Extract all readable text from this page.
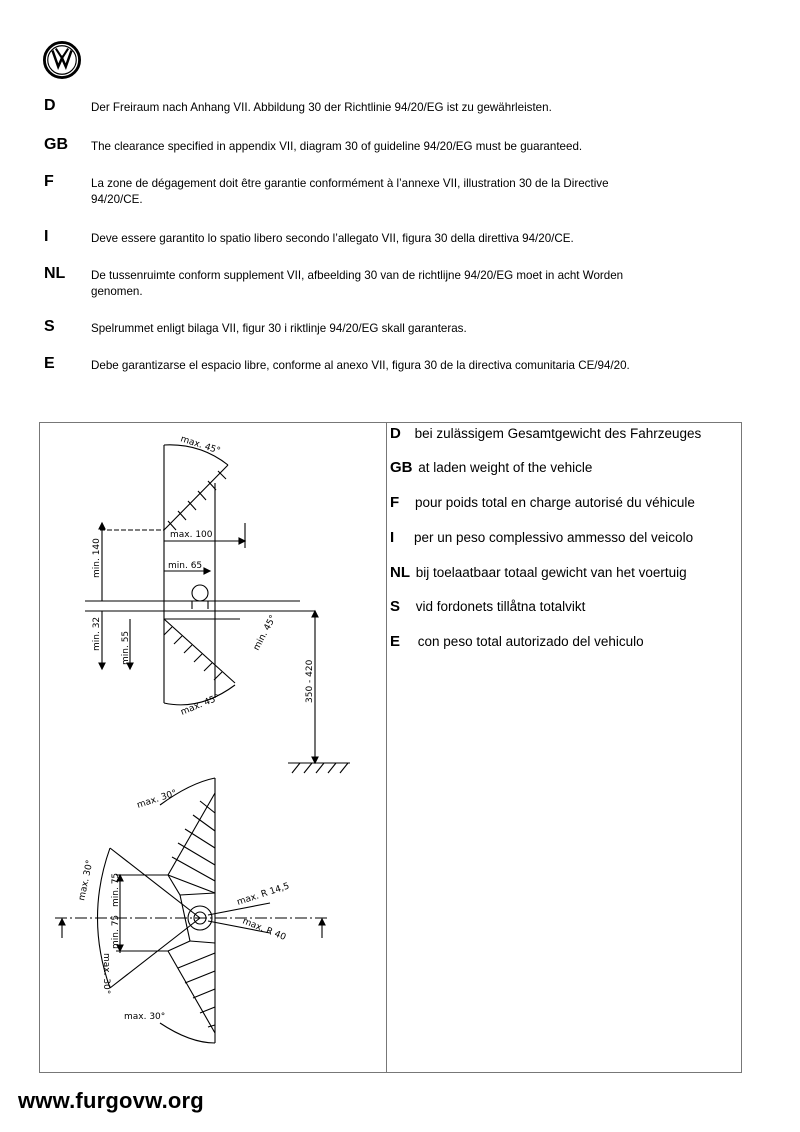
D	Der Freiraum nach Anhang VII. Abbildung 30 der Richtlinie 94/20/EG ist zu gewährleisten.
GB The clearance specified in appendix VII, diagram 30 of guideline 94/20/EG must be guaranteed.
F	La zone de dégagement doit être garantie conformément à l’annexe VII, illustration 30 de la Directive 94/20/CE.
I	Deve essere garantito lo spatio libero secondo l’allegato VII, figura 30 della direttiva 94/20/CE.
NL De tussenruimte conform supplement VII, afbeelding 30 van de richtlijne 94/20/EG moet in acht Worden genomen.
S	Spelrummet enligt bilaga VII, figur 30 i riktlinje 94/20/EG skall garanteras.
E	Debe garantizarse el espacio libre, conforme al anexo VII, figura 30 de la directiva comunitaria CE/94/20.
D bei zulässigem Gesamtgewicht des Fahrzeuges
GB at laden weight of the vehicle
F pour poids total en charge autorisé du véhicule
I per un peso complessivo ammesso del veicolo
NL bij toelaatbaar totaal gewicht van het voertuig
S vid fordonets tillåtna totalvikt
E con peso total autorizado del vehiculo
max. 45°
max. 100
min. 140	min. 65
min. 32 min. 55	min. 45°
max. 45°
350 - 420
max. 30°
max. 30°
max. 30°
min. 75
min. 75
max. R 14,5
max. R 40
max. 30°
www.furgovw.org
